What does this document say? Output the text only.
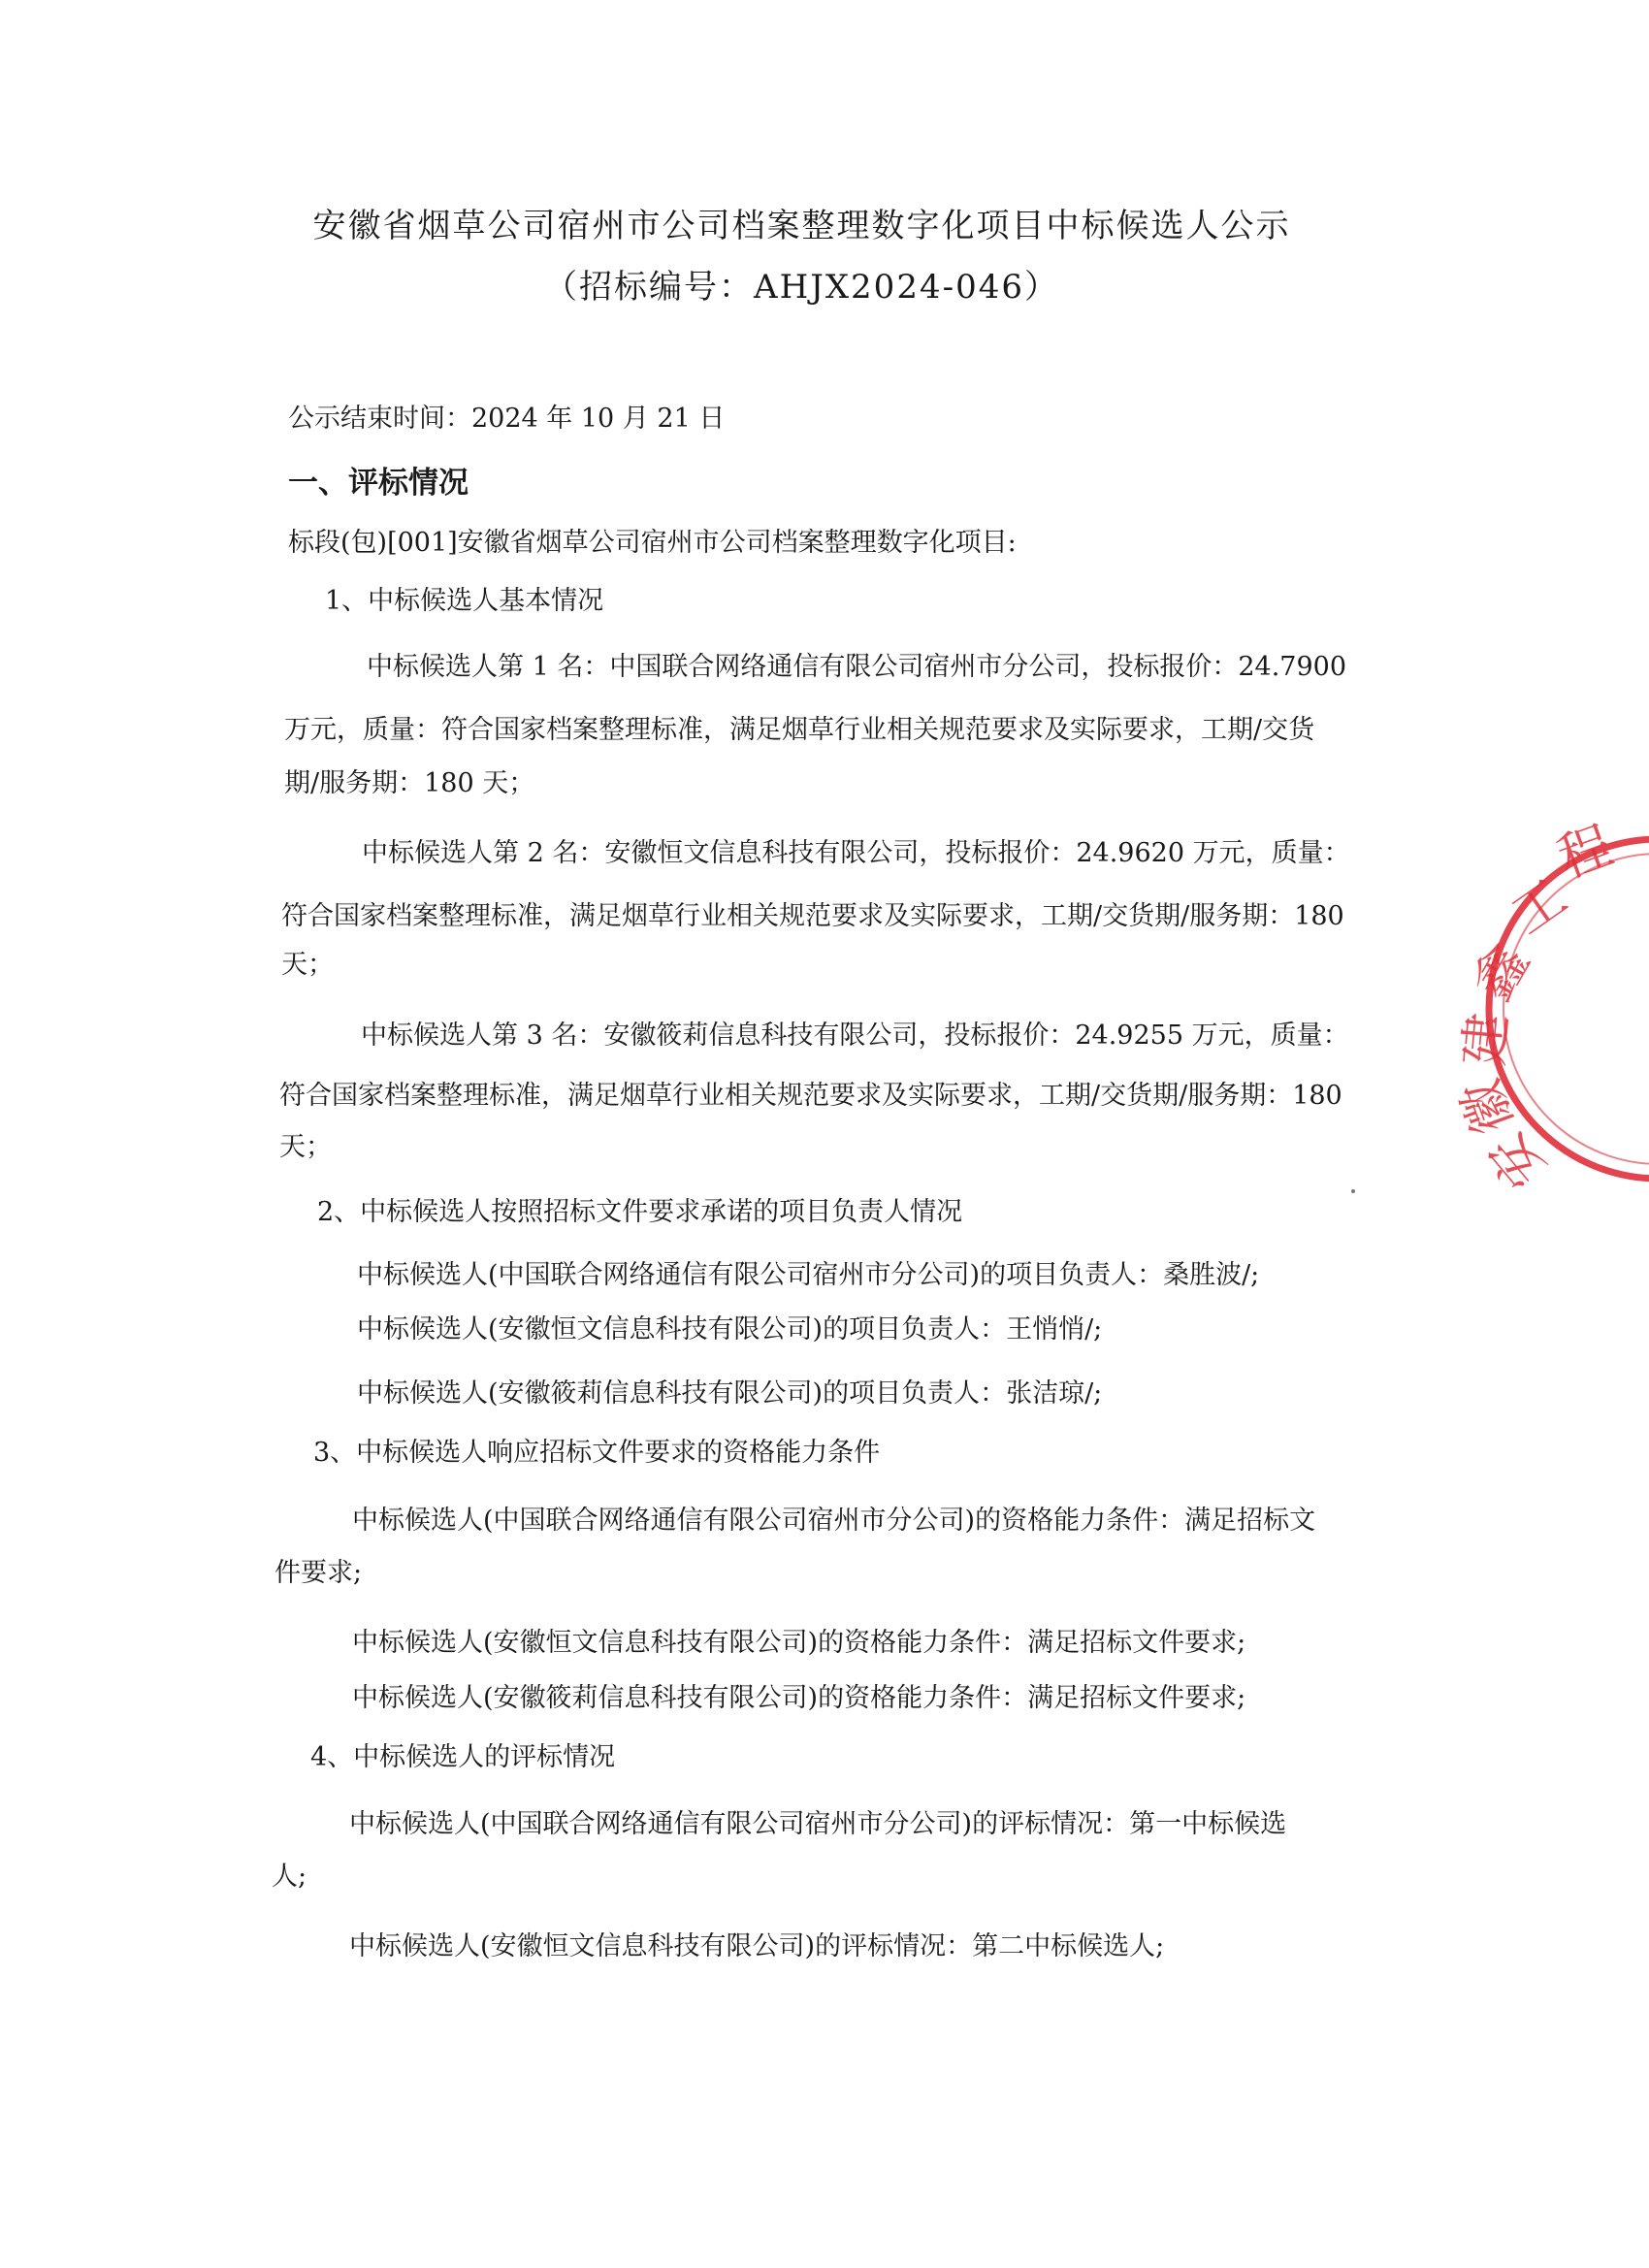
安徽省烟草公司宿州市公司档案整理数字化项目中标候选人公示
（招标编号：AHJX2024-046）
公示结束时间：2024 年 10 月 21 日
一、评标情况
标段(包)[001]安徽省烟草公司宿州市公司档案整理数字化项目:
1、中标候选人基本情况
中标候选人第 1 名：中国联合网络通信有限公司宿州市分公司，投标报价：24.7900
万元，质量：符合国家档案整理标准，满足烟草行业相关规范要求及实际要求，工期/交货
期/服务期：180 天；
中标候选人第 2 名：安徽恒文信息科技有限公司，投标报价：24.9620 万元，质量：
符合国家档案整理标准，满足烟草行业相关规范要求及实际要求，工期/交货期/服务期：180
天；
中标候选人第 3 名：安徽筱莉信息科技有限公司，投标报价：24.9255 万元，质量：
符合国家档案整理标准，满足烟草行业相关规范要求及实际要求，工期/交货期/服务期：180
天；
2、中标候选人按照招标文件要求承诺的项目负责人情况
中标候选人(中国联合网络通信有限公司宿州市分公司)的项目负责人：桑胜波/;
中标候选人(安徽恒文信息科技有限公司)的项目负责人：王悄悄/;
中标候选人(安徽筱莉信息科技有限公司)的项目负责人：张洁琼/;
3、中标候选人响应招标文件要求的资格能力条件
中标候选人(中国联合网络通信有限公司宿州市分公司)的资格能力条件：满足招标文
件要求;
中标候选人(安徽恒文信息科技有限公司)的资格能力条件：满足招标文件要求;
中标候选人(安徽筱莉信息科技有限公司)的资格能力条件：满足招标文件要求;
4、中标候选人的评标情况
中标候选人(中国联合网络通信有限公司宿州市分公司)的评标情况：第一中标候选
人;
中标候选人(安徽恒文信息科技有限公司)的评标情况：第二中标候选人;
程
工
鑫
建
徽
安
